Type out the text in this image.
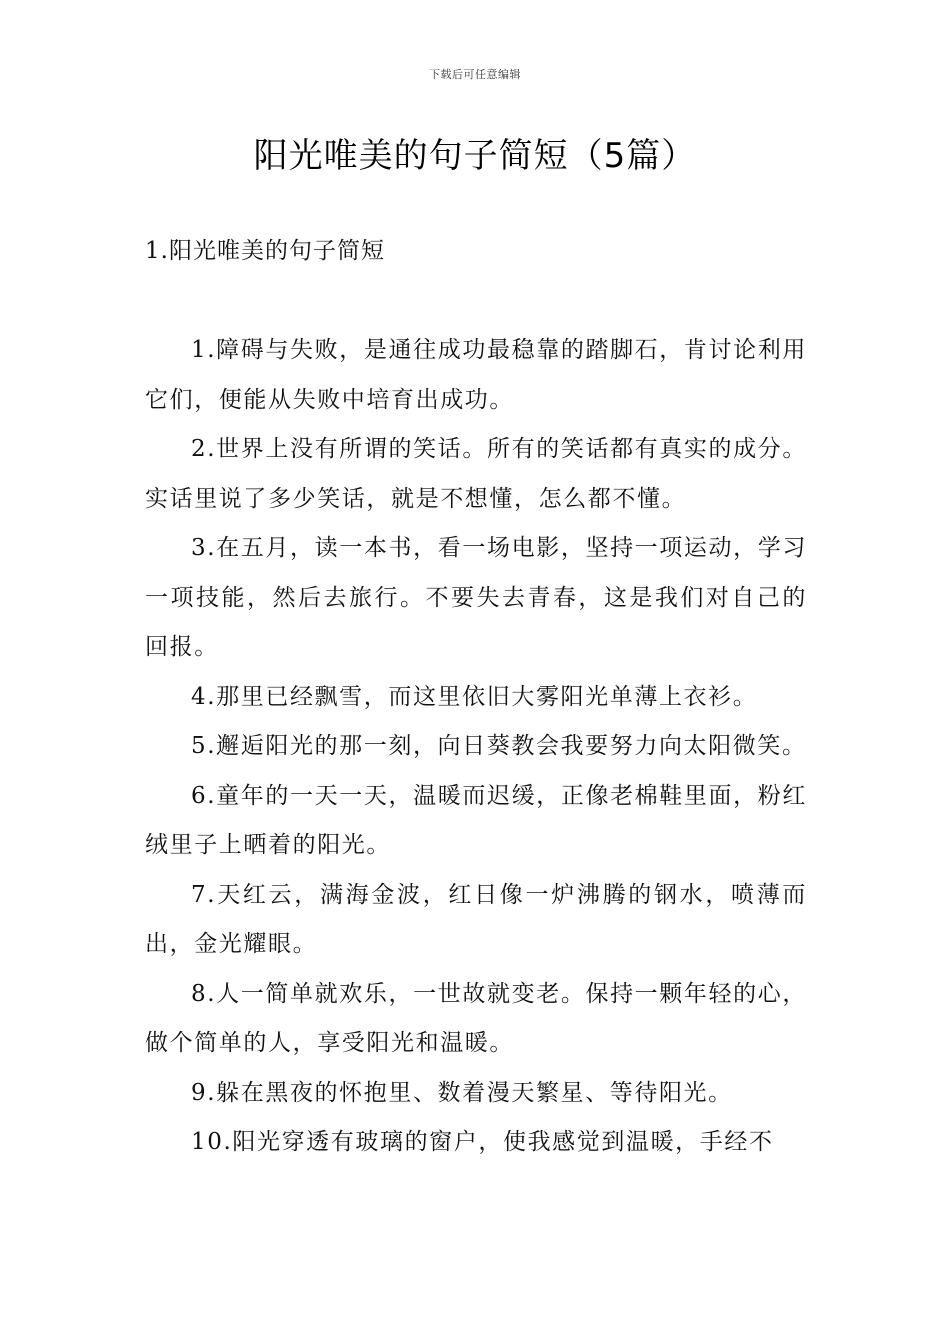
下载后可任意编辑
阳光唯美的句子简短（5篇）
1.阳光唯美的句子简短

1.障碍与失败，是通往成功最稳靠的踏脚石，肯讨论利用它们，便能从失败中培育出成功。

2.世界上没有所谓的笑话。所有的笑话都有真实的成分。实话里说了多少笑话，就是不想懂，怎么都不懂。

3.在五月，读一本书，看一场电影，坚持一项运动，学习一项技能，然后去旅行。不要失去青春，这是我们对自己的回报。

4.那里已经飘雪，而这里依旧大雾阳光单薄上衣衫。

5.邂逅阳光的那一刻，向日葵教会我要努力向太阳微笑。

6.童年的一天一天，温暖而迟缓，正像老棉鞋里面，粉红绒里子上晒着的阳光。

7.天红云，满海金波，红日像一炉沸腾的钢水，喷薄而出，金光耀眼。

8.人一简单就欢乐，一世故就变老。保持一颗年轻的心，做个简单的人，享受阳光和温暖。

9.躲在黑夜的怀抱里、数着漫天繁星、等待阳光。

10.阳光穿透有玻璃的窗户，使我感觉到温暖，手经不
